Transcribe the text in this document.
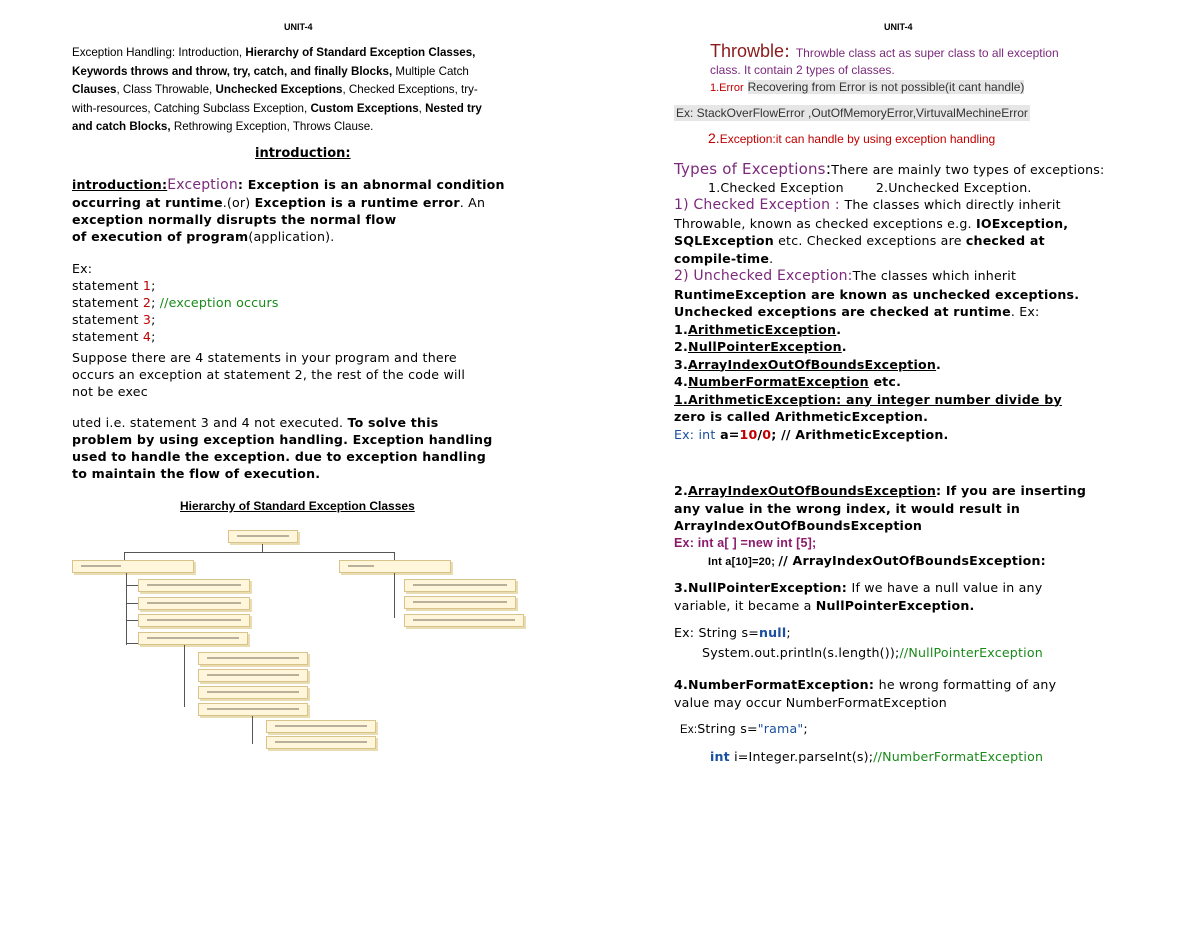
UNIT-4
Exception Handling: Introduction, Hierarchy of Standard Exception Classes,
Keywords throws and throw, try, catch, and finally Blocks, Multiple Catch
Clauses, Class Throwable, Unchecked Exceptions, Checked Exceptions, try-
with-resources, Catching Subclass Exception, Custom Exceptions, Nested try
and catch Blocks, Rethrowing Exception, Throws Clause.
introduction:
introduction:Exception: Exception is an abnormal condition
occurring at runtime.(or) Exception is a runtime error. An
exception normally disrupts the normal flow
of execution of program(application).
Ex:
statement 1;
statement 2; //exception occurs
statement 3;
statement 4;
Suppose there are 4 statements in your program and there
occurs an exception at statement 2, the rest of the code will
not be exec
uted i.e. statement 3 and 4 not executed. To solve this
problem by using exception handling. Exception handling
used to handle the exception. due to exception handling
to maintain the flow of execution.
Hierarchy of Standard Exception Classes
UNIT-4
Throwble: Throwble class act as super class to all exception
class. It contain 2 types of classes.
1.Error Recovering from Error is not possible(it cant handle)
Ex: StackOverFlowError ,OutOfMemoryError,VirtuvalMechineError
2.Exception:it can handle by using exception handling
Types of Exceptions:There are mainly two types of exceptions:
1.Checked Exception	2.Unchecked Exception.
1) Checked Exception : The classes which directly inherit
Throwable, known as checked exceptions e.g. IOException,
SQLException etc. Checked exceptions are checked at
compile-time.
2) Unchecked Exception:The classes which inherit
RuntimeException are known as unchecked exceptions.
Unchecked exceptions are checked at runtime. Ex:
1.ArithmeticException.
2.NullPointerException.
3.ArrayIndexOutOfBoundsException.
4.NumberFormatException etc.
1.ArithmeticException: any integer number divide by
zero is called ArithmeticException.
Ex: int a=10/0; // ArithmeticException.
2.ArrayIndexOutOfBoundsException: If you are inserting
any value in the wrong index, it would result in
ArrayIndexOutOfBoundsException
Ex: int a[ ] =new int [5];
Int a[10]=20; // ArrayIndexOutOfBoundsException:
3.NullPointerException: If we have a null value in any
variable, it became a NullPointerException.
Ex: String s=null;
System.out.println(s.length());//NullPointerException
4.NumberFormatException: he wrong formatting of any
value may occur NumberFormatException
Ex:String s="rama";
int i=Integer.parseInt(s);//NumberFormatException
